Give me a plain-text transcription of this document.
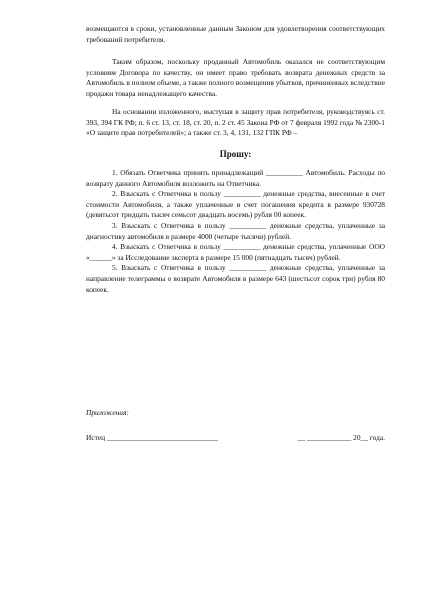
возмещаются в сроки, установленные данным Законом для удовлетворения соответствующих требований потребителя.

Таким образом, поскольку проданный Автомобиль оказался не соответствующим условиям Договора по качеству, он имеет право требовать возврата денежных средств за Автомобиль в полном объеме, а также полного возмещения убытков, причиненных вследствие продажи товара ненадлежащего качества.

На основании изложенного, выступая в защиту прав потребителя, руководствуясь ст. 393, 394 ГК РФ; п. 6 ст. 13, ст. 18, ст. 20, п. 2 ст. 45 Закона РФ от 7 февраля 1992 года № 2300-1 «О защите прав потребителей»; а также ст. 3, 4, 131, 132 ГПК РФ –

Прошу:

1. Обязать Ответчика принять принадлежащий __________ Автомобиль. Расходы по возврату данного Автомобиля возложить на Ответчика.
2. Взыскать с Ответчика в пользу __________ денежные средства, внесенные в счет стоимости Автомобиля, а также уплаченные в счет погашения кредита в размере 930728 (девятьсот тридцать тысяч семьсот двадцать восемь) рубля 00 копеек.
3. Взыскать с Ответчика в пользу __________ денежные средства, уплаченные за диагностику автомобиля в размере 4000 (четыре тысячи) рублей.
4. Взыскать с Ответчика в пользу __________ денежные средства, уплаченные ООО «______» за Исследование эксперта в размере 15 000 (пятнадцать тысяч) рублей.
5. Взыскать с Ответчика в пользу __________ денежные средства, уплаченные за направление телеграммы о возврате Автомобиля в размере 643 (шестьсот сорок три) рубля 80 копеек.

Приложения:

Истец ______________________________	__ ____________ 20__ года.
